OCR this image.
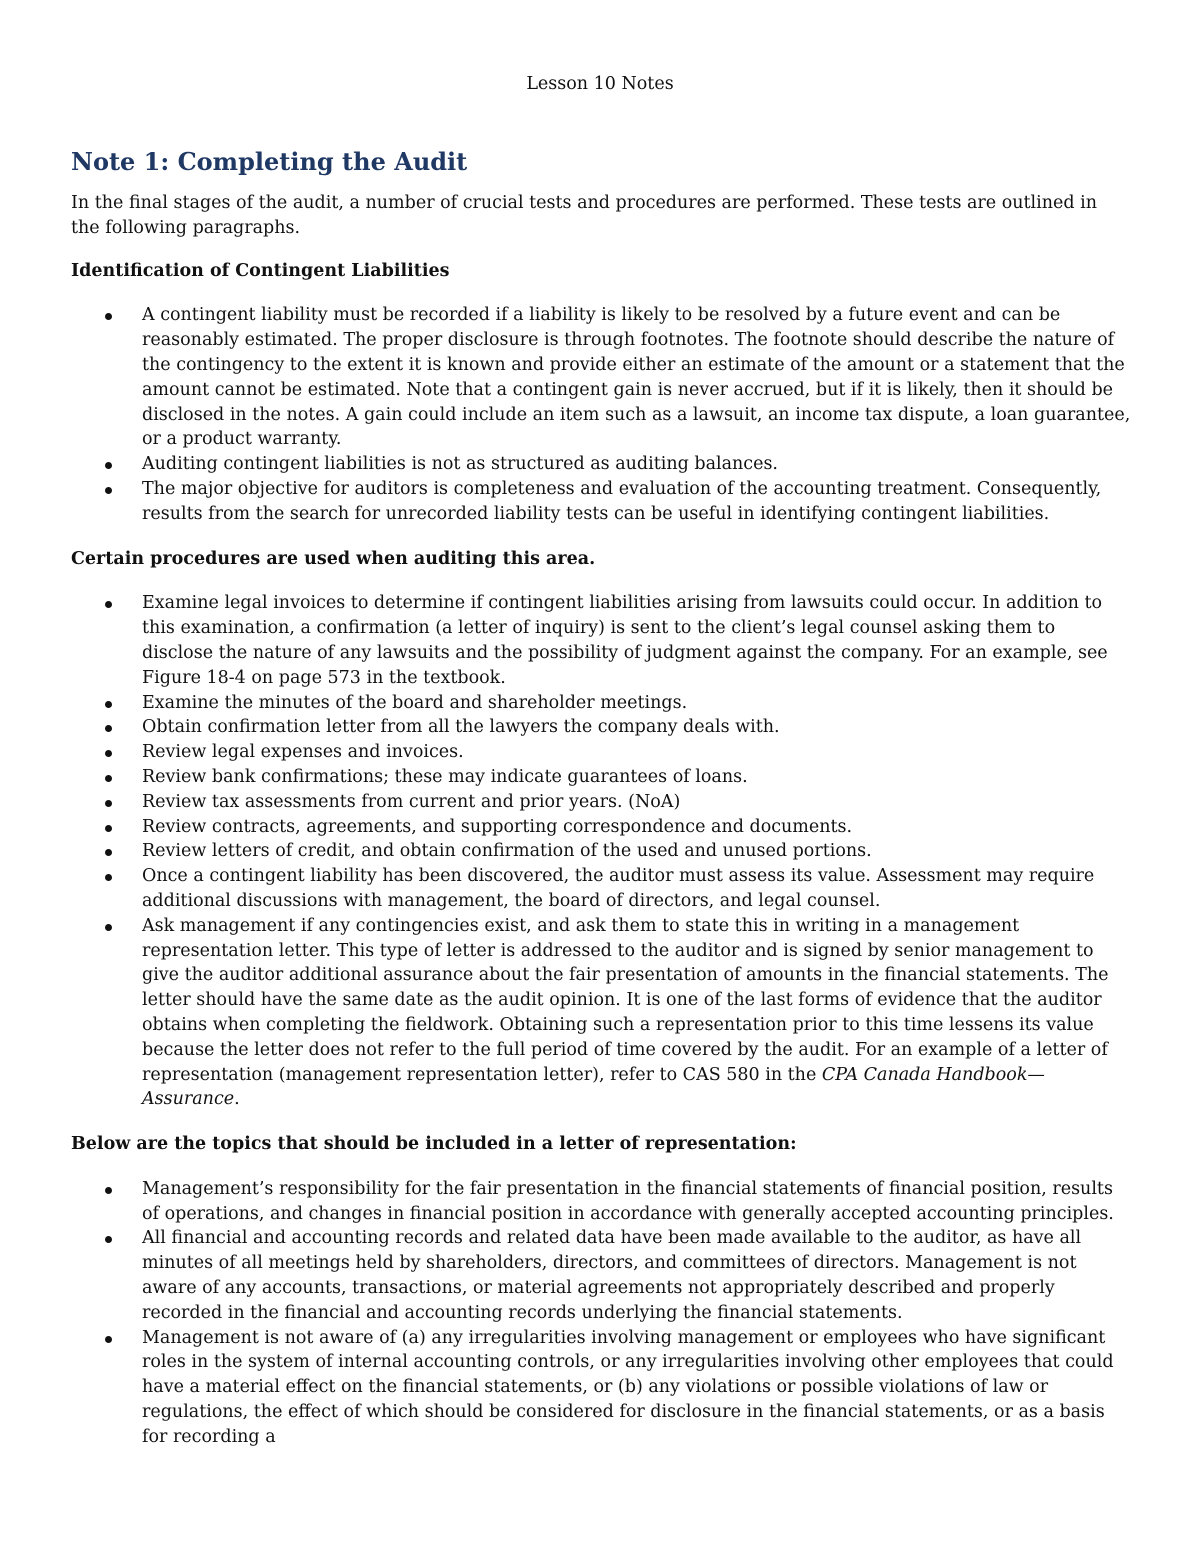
Lesson 10 Notes
Note 1: Completing the Audit

In the final stages of the audit, a number of crucial tests and procedures are performed. These tests are outlined in the following paragraphs.

Identification of Contingent Liabilities
A contingent liability must be recorded if a liability is likely to be resolved by a future event and can be reasonably estimated. The proper disclosure is through footnotes. The footnote should describe the nature of the contingency to the extent it is known and provide either an estimate of the amount or a statement that the amount cannot be estimated. Note that a contingent gain is never accrued, but if it is likely, then it should be disclosed in the notes. A gain could include an item such as a lawsuit, an income tax dispute, a loan guarantee, or a product warranty.
Auditing contingent liabilities is not as structured as auditing balances.
The major objective for auditors is completeness and evaluation of the accounting treatment. Consequently, results from the search for unrecorded liability tests can be useful in identifying contingent liabilities.
Certain procedures are used when auditing this area.
Examine legal invoices to determine if contingent liabilities arising from lawsuits could occur. In addition to this examination, a confirmation (a letter of inquiry) is sent to the client’s legal counsel asking them to disclose the nature of any lawsuits and the possibility of judgment against the company. For an example, see Figure 18-4 on page 573 in the textbook.
Examine the minutes of the board and shareholder meetings.
Obtain confirmation letter from all the lawyers the company deals with.
Review legal expenses and invoices.
Review bank confirmations; these may indicate guarantees of loans.
Review tax assessments from current and prior years. (NoA)
Review contracts, agreements, and supporting correspondence and documents.
Review letters of credit, and obtain confirmation of the used and unused portions.
Once a contingent liability has been discovered, the auditor must assess its value. Assessment may require additional discussions with management, the board of directors, and legal counsel.
Ask management if any contingencies exist, and ask them to state this in writing in a management representation letter. This type of letter is addressed to the auditor and is signed by senior management to give the auditor additional assurance about the fair presentation of amounts in the financial statements. The letter should have the same date as the audit opinion. It is one of the last forms of evidence that the auditor obtains when completing the fieldwork. Obtaining such a representation prior to this time lessens its value because the letter does not refer to the full period of time covered by the audit. For an example of a letter of representation (management representation letter), refer to CAS 580 in the CPA Canada Handbook—Assurance.
Below are the topics that should be included in a letter of representation:
Management’s responsibility for the fair presentation in the financial statements of financial position, results of operations, and changes in financial position in accordance with generally accepted accounting principles.
All financial and accounting records and related data have been made available to the auditor, as have all minutes of all meetings held by shareholders, directors, and committees of directors. Management is not aware of any accounts, transactions, or material agreements not appropriately described and properly recorded in the financial and accounting records underlying the financial statements.
Management is not aware of (a) any irregularities involving management or employees who have significant roles in the system of internal accounting controls, or any irregularities involving other employees that could have a material effect on the financial statements, or (b) any violations or possible violations of law or regulations, the effect of which should be considered for disclosure in the financial statements, or as a basis for recording a
